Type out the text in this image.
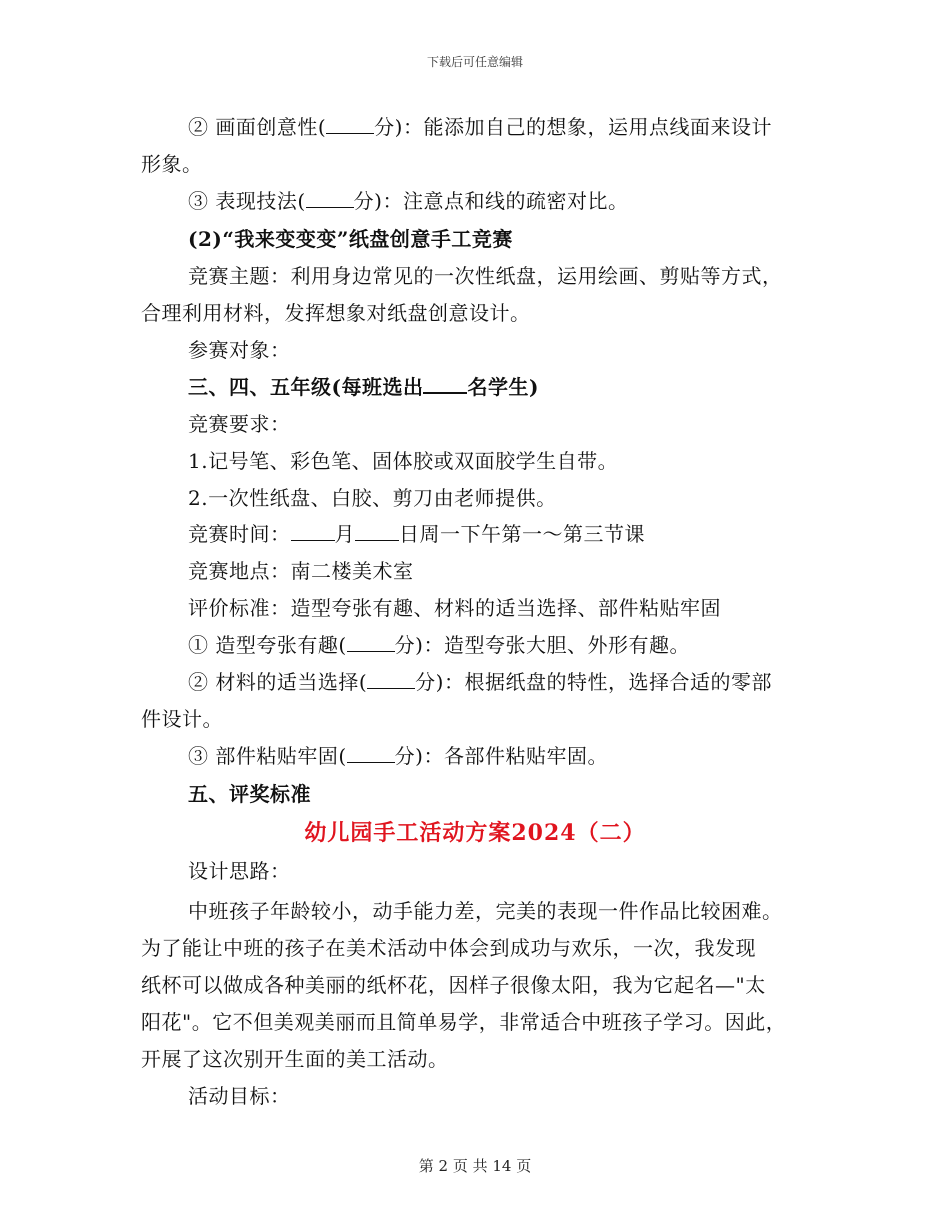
下载后可任意编辑
② 画面创意性( 分)：能添加自己的想象，运用点线面来设计
形象。
③ 表现技法( 分)：注意点和线的疏密对比。
(2)“我来变变变”纸盘创意手工竞赛
竞赛主题：利用身边常见的一次性纸盘，运用绘画、剪贴等方式，
合理利用材料，发挥想象对纸盘创意设计。
参赛对象：
三、四、五年级(每班选出 名学生)
竞赛要求：
1.记号笔、彩色笔、固体胶或双面胶学生自带。
2.一次性纸盘、白胶、剪刀由老师提供。
竞赛时间： 月 日周一下午第一～第三节课
竞赛地点：南二楼美术室
评价标准：造型夸张有趣、材料的适当选择、部件粘贴牢固
① 造型夸张有趣( 分)：造型夸张大胆、外形有趣。
② 材料的适当选择( 分)：根据纸盘的特性，选择合适的零部
件设计。
③ 部件粘贴牢固( 分)：各部件粘贴牢固。
五、评奖标准
幼儿园手工活动方案2024（二）
设计思路：
中班孩子年龄较小，动手能力差，完美的表现一件作品比较困难。
为了能让中班的孩子在美术活动中体会到成功与欢乐，一次，我发现
纸杯可以做成各种美丽的纸杯花，因样子很像太阳，我为它起名—"太
阳花"。它不但美观美丽而且简单易学，非常适合中班孩子学习。因此，
开展了这次别开生面的美工活动。
活动目标：
第 2 页 共 14 页
